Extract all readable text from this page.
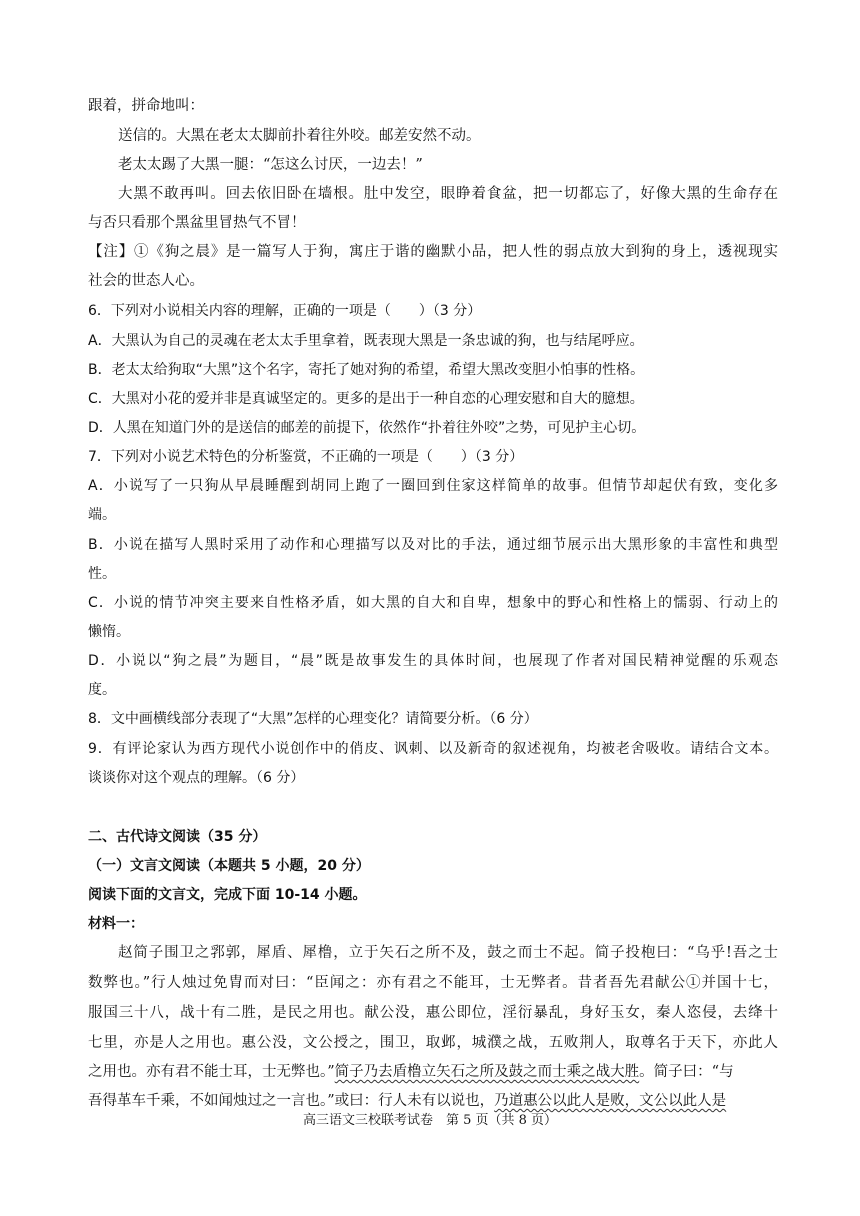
跟着，拼命地叫：
送信的。大黑在老太太脚前扑着往外咬。邮差安然不动。
老太太踢了大黑一腿：“怎这么讨厌，一边去！”
大黑不敢再叫。回去依旧卧在墙根。肚中发空，眼睁着食盆，把一切都忘了，好像大黑的生命存在
与否只看那个黑盆里冒热气不冒！
【注】①《狗之晨》是一篇写人于狗，寓庄于谐的幽默小品，把人性的弱点放大到狗的身上，透视现实
社会的世态人心。
6．下列对小说相关内容的理解，正确的一项是（　　）（3 分）
A．大黑认为自己的灵魂在老太太手里拿着，既表现大黑是一条忠诚的狗，也与结尾呼应。
B．老太太给狗取“大黑”这个名字，寄托了她对狗的希望，希望大黑改变胆小怕事的性格。
C．大黑对小花的爱并非是真诚坚定的。更多的是出于一种自恋的心理安慰和自大的臆想。
D．人黑在知道门外的是送信的邮差的前提下，依然作“扑着往外咬”之势，可见护主心切。
7．下列对小说艺术特色的分析鉴赏，不正确的一项是（　　）（3 分）
A．小说写了一只狗从早晨睡醒到胡同上跑了一圈回到住家这样简单的故事。但情节却起伏有致，变化多
端。
B．小说在描写人黑时采用了动作和心理描写以及对比的手法，通过细节展示出大黑形象的丰富性和典型
性。
C．小说的情节冲突主要来自性格矛盾，如大黑的自大和自卑，想象中的野心和性格上的懦弱、行动上的
懒惰。
D．小说以“狗之晨”为题目，“晨”既是故事发生的具体时间，也展现了作者对国民精神觉醒的乐观态
度。
8．文中画横线部分表现了“大黑”怎样的心理变化？请简要分析。（6 分）
9．有评论家认为西方现代小说创作中的俏皮、讽刺、以及新奇的叙述视角，均被老舍吸收。请结合文本。
谈谈你对这个观点的理解。（6 分）
二、古代诗文阅读（35 分）
（一）文言文阅读（本题共 5 小题，20 分）
阅读下面的文言文，完成下面 10-14 小题。
材料一：
赵简子围卫之郛郭，犀盾、犀橹，立于矢石之所不及，鼓之而士不起。简子投枹曰：“乌乎!吾之士
数弊也。”行人烛过免胄而对曰：“臣闻之：亦有君之不能耳，士无弊者。昔者吾先君献公①并国十七，
服国三十八，战十有二胜，是民之用也。献公没，惠公即位，淫衍暴乱，身好玉女，秦人恣侵，去绛十
七里，亦是人之用也。惠公没，文公授之，围卫，取邺，城濮之战，五败荆人，取尊名于天下，亦此人
之用也。亦有君不能士耳，士无弊也。”简子乃去盾橹立矢石之所及鼓之而士乘之战大胜。简子曰：“与
吾得革车千乘，不如闻烛过之一言也。”或曰：行人未有以说也，乃道惠公以此人是败，文公以此人是
高三语文三校联考试卷　第 5 页（共 8 页）
